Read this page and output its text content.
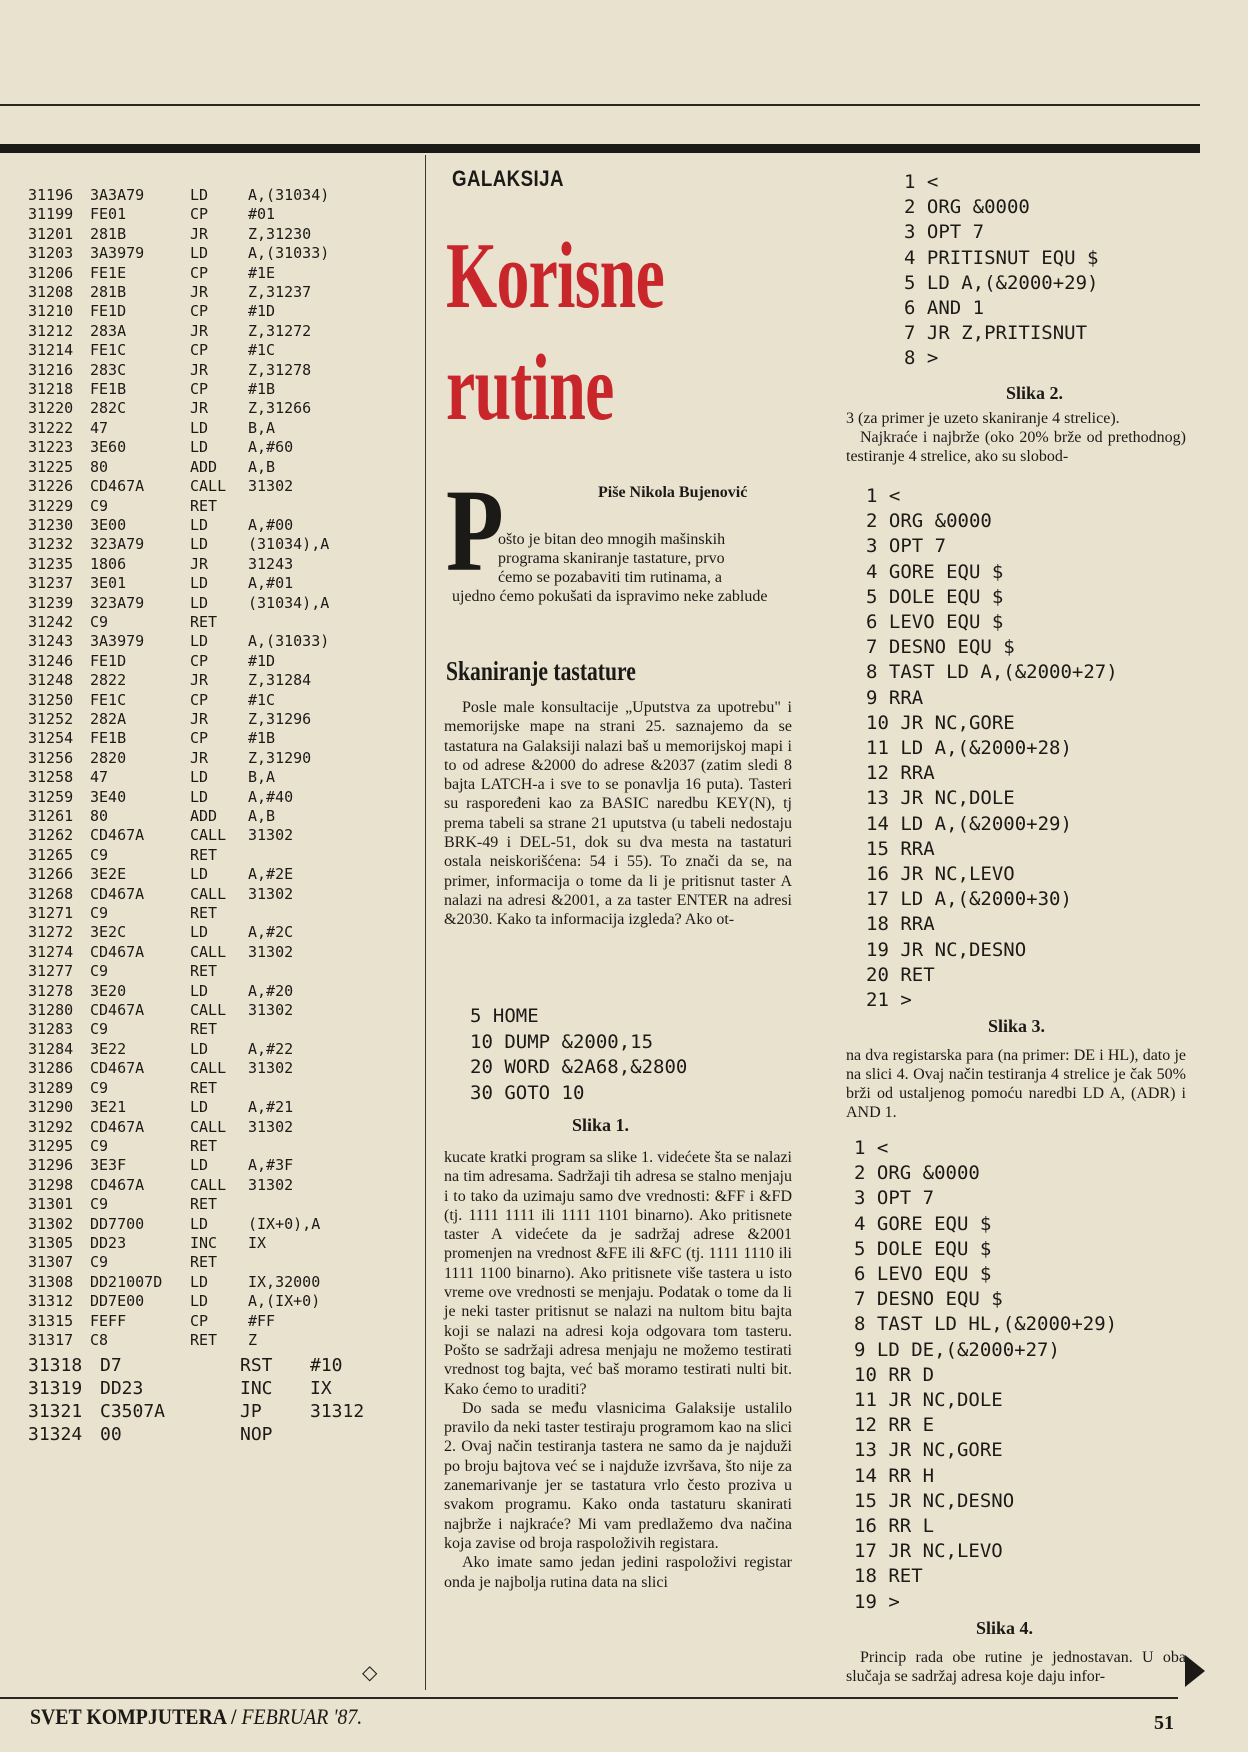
31196	3A3A79	LD	A,(31034)
31199	FE01	CP	#01
31201	281B	JR	Z,31230
31203	3A3979	LD	A,(31033)
31206	FE1E	CP	#1E
31208	281B	JR	Z,31237
31210	FE1D	CP	#1D
31212	283A	JR	Z,31272
31214	FE1C	CP	#1C
31216	283C	JR	Z,31278
31218	FE1B	CP	#1B
31220	282C	JR	Z,31266
31222	47	LD	B,A
31223	3E60	LD	A,#60
31225	80	ADD	A,B
31226	CD467A	CALL	31302
31229	C9	RET
31230	3E00	LD	A,#00
31232	323A79	LD	(31034),A
31235	1806	JR	31243
31237	3E01	LD	A,#01
31239	323A79	LD	(31034),A
31242	C9	RET
31243	3A3979	LD	A,(31033)
31246	FE1D	CP	#1D
31248	2822	JR	Z,31284
31250	FE1C	CP	#1C
31252	282A	JR	Z,31296
31254	FE1B	CP	#1B
31256	2820	JR	Z,31290
31258	47	LD	B,A
31259	3E40	LD	A,#40
31261	80	ADD	A,B
31262	CD467A	CALL	31302
31265	C9	RET
31266	3E2E	LD	A,#2E
31268	CD467A	CALL	31302
31271	C9	RET
31272	3E2C	LD	A,#2C
31274	CD467A	CALL	31302
31277	C9	RET
31278	3E20	LD	A,#20
31280	CD467A	CALL	31302
31283	C9	RET
31284	3E22	LD	A,#22
31286	CD467A	CALL	31302
31289	C9	RET
31290	3E21	LD	A,#21
31292	CD467A	CALL	31302
31295	C9	RET
31296	3E3F	LD	A,#3F
31298	CD467A	CALL	31302
31301	C9	RET
31302	DD7700	LD	(IX+0),A
31305	DD23	INC	IX
31307	C9	RET
31308	DD21007D	LD	IX,32000
31312	DD7E00	LD	A,(IX+0)
31315	FEFF	CP	#FF
31317	C8	RET	Z
31318 D7	RST	#10
31319 DD23	INC	IX
31321 C3507A	JP	31312
31324 00	NOP
◇
GALAKSIJA
Korisne
rutine
Piše Nikola Bujenović
P
ošto je bitan deo mnogih mašinskih
programa skaniranje tastature, prvo
ćemo se pozabaviti tim rutinama, a
ujedno ćemo pokušati da ispravimo neke zablude
Skaniranje tastature
Posle male konsultacije „Uputstva za upotrebu" i memorijske mape na strani 25. saznajemo da se tastatura na Galaksiji nalazi baš u memorijskoj mapi i to od adrese &2000 do adrese &2037 (zatim sledi 8 bajta LATCH-a i sve to se ponavlja 16 puta). Tasteri su raspoređeni kao za BASIC naredbu KEY(N), tj prema tabeli sa strane 21 uputstva (u tabeli nedostaju BRK-49 i DEL-51, dok su dva mesta na tastaturi ostala neiskorišćena: 54 i 55). To znači da se, na primer, informacija o tome da li je pritisnut taster A nalazi na adresi &2001, a za taster ENTER na adresi &2030. Kako ta informacija izgleda? Ako ot-
5 HOME
10 DUMP &2000,15
20 WORD &2A68,&2800
30 GOTO 10
Slika 1.

kucate kratki program sa slike 1. videćete šta se nalazi na tim adresama. Sadržaji tih adresa se stalno menjaju i to tako da uzimaju samo dve vrednosti: &FF i &FD (tj. 1111 1111 ili 1111 1101 binarno). Ako pritisnete taster A videćete da je sadržaj adrese &2001 promenjen na vrednost &FE ili &FC (tj. 1111 1110 ili 1111 1100 binarno). Ako pritisnete više tastera u isto vreme ove vrednosti se menjaju. Podatak o tome da li je neki taster pritisnut se nalazi na nultom bitu bajta koji se nalazi na adresi koja odgovara tom tasteru. Pošto se sadržaji adresa menjaju ne možemo testirati vrednost tog bajta, već baš moramo testirati nulti bit. Kako ćemo to uraditi?

Do sada se među vlasnicima Galaksije ustalilo pravilo da neki taster testiraju programom kao na slici 2. Ovaj način testiranja tastera ne samo da je najduži po broju bajtova već se i najduže izvršava, što nije za zanemarivanje jer se tastatura vrlo često proziva u svakom programu. Kako onda tastaturu skanirati najbrže i najkraće? Mi vam predlažemo dva načina koja zavise od broja raspoloživih registara.

Ako imate samo jedan jedini raspoloživi registar onda je najbolja rutina data na slici

1 <
2 ORG &0000
3 OPT 7
4 PRITISNUT EQU $
5 LD A,(&2000+29)
6 AND 1
7 JR Z,PRITISNUT
8 >
Slika 2.

3 (za primer je uzeto skaniranje 4 strelice).

Najkraće i najbrže (oko 20% brže od prethodnog) testiranje 4 strelice, ako su slobod-

1 <
2 ORG &0000
3 OPT 7
4 GORE EQU $
5 DOLE EQU $
6 LEVO EQU $
7 DESNO EQU $
8 TAST LD A,(&2000+27)
9 RRA
10 JR NC,GORE
11 LD A,(&2000+28)
12 RRA
13 JR NC,DOLE
14 LD A,(&2000+29)
15 RRA
16 JR NC,LEVO
17 LD A,(&2000+30)
18 RRA
19 JR NC,DESNO
20 RET
21 >
Slika 3.
na dva registarska para (na primer: DE i HL), dato je na slici 4. Ovaj način testiranja 4 strelice je čak 50% brži od ustaljenog pomoću naredbi LD A, (ADR) i AND 1.
1 <
2 ORG &0000
3 OPT 7
4 GORE EQU $
5 DOLE EQU $
6 LEVO EQU $
7 DESNO EQU $
8 TAST LD HL,(&2000+29)
9 LD DE,(&2000+27)
10 RR D
11 JR NC,DOLE
12 RR E
13 JR NC,GORE
14 RR H
15 JR NC,DESNO
16 RR L
17 JR NC,LEVO
18 RET
19 >
Slika 4.

Princip rada obe rutine je jednostavan. U oba slučaja se sadržaj adresa koje daju infor-

SVET KOMPJUTERA / FEBRUAR '87.	51
